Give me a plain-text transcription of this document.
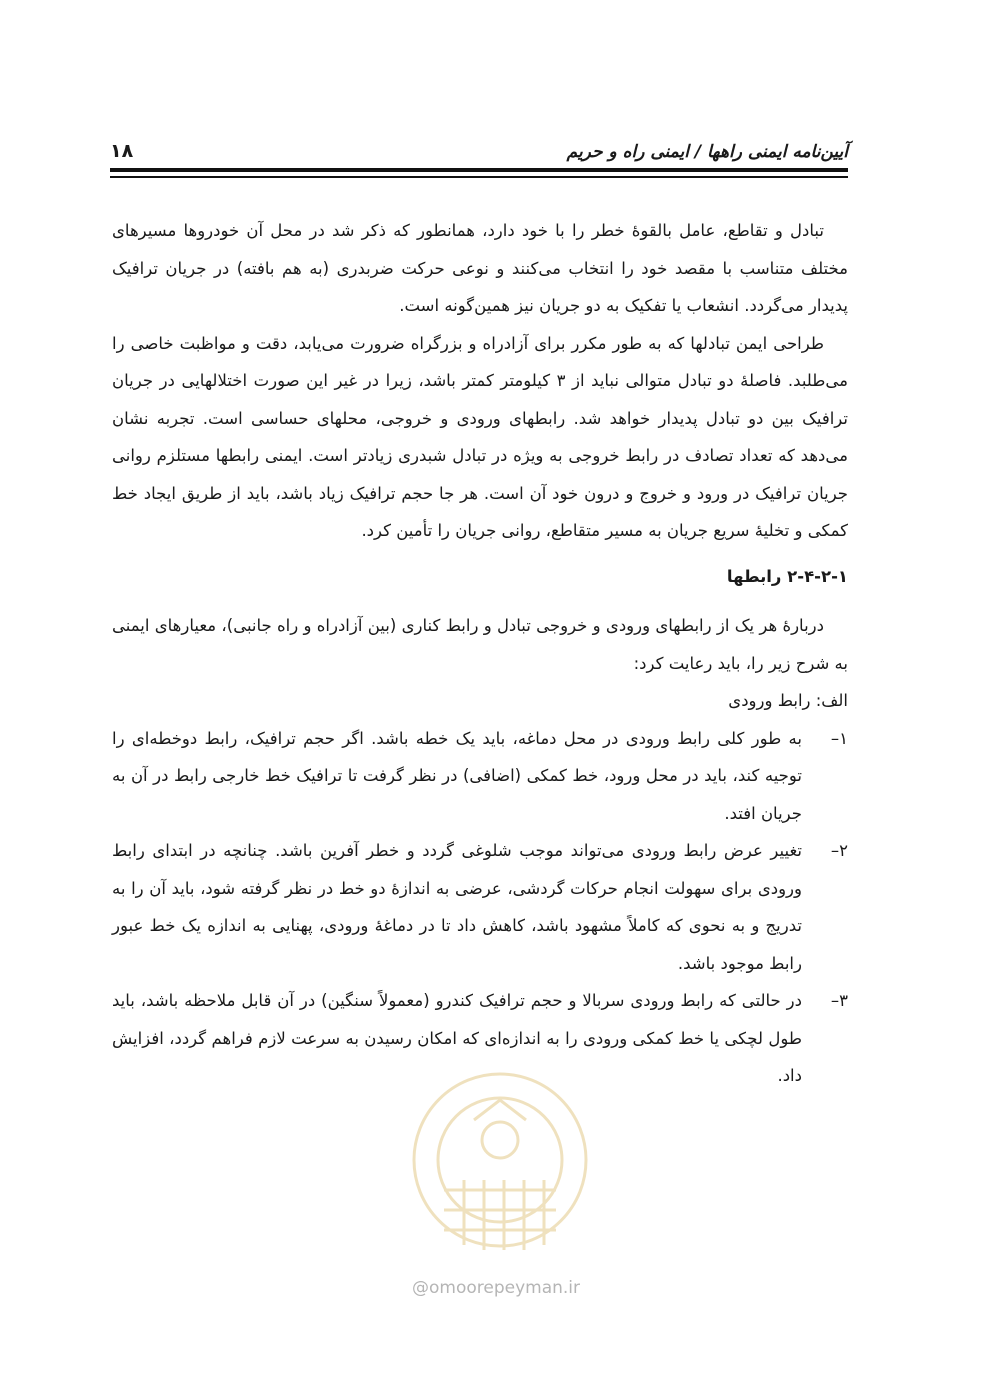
۱۸	آیین‌نامه ایمنی راهها / ایمنی راه و حریم

تبادل و تقاطع، عامل بالقوهٔ خطر را با خود دارد، همانطور که ذکر شد در محل آن خودروها مسیرهای مختلف متناسب با مقصد خود را انتخاب می‌کنند و نوعی حرکت ضربدری (به هم بافته) در جریان ترافیک پدیدار می‌گردد. انشعاب یا تفکیک به دو جریان نیز همین‌گونه است.

طراحی ایمن تبادلها که به طور مکرر برای آزادراه و بزرگراه ضرورت می‌یابد، دقت و مواظبت خاصی را می‌طلبد. فاصلهٔ دو تبادل متوالی نباید از ۳ کیلومتر کمتر باشد، زیرا در غیر این صورت اختلالهایی در جریان ترافیک بین دو تبادل پدیدار خواهد شد. رابطهای ورودی و خروجی، محلهای حساسی است. تجربه نشان می‌دهد که تعداد تصادف در رابط خروجی به ویژه در تبادل شبدری زیادتر است. ایمنی رابطها مستلزم روانی جریان ترافیک در ورود و خروج و درون خود آن است. هر جا حجم ترافیک زیاد باشد، باید از طریق ایجاد خط کمکی و تخلیهٔ سریع جریان به مسیر متقاطع، روانی جریان را تأمین کرد.

۲-۴-۲-۱ رابطها

دربارهٔ هر یک از رابطهای ورودی و خروجی تبادل و رابط کناری (بین آزادراه و راه جانبی)، معیارهای ایمنی به شرح زیر را، باید رعایت کرد:

الف: رابط ورودی

۱–
به طور کلی رابط ورودی در محل دماغه، باید یک خطه باشد. اگر حجم ترافیک، رابط دوخطه‌ای را توجیه کند، باید در محل ورود، خط کمکی (اضافی) در نظر گرفت تا ترافیک خط خارجی رابط در آن به جریان افتد.
۲–
تغییر عرض رابط ورودی می‌تواند موجب شلوغی گردد و خطر آفرین باشد. چنانچه در ابتدای رابط ورودی برای سهولت انجام حرکات گردشی، عرضی به اندازهٔ دو خط در نظر گرفته شود، باید آن را به تدریج و به نحوی که کاملاً مشهود باشد، کاهش داد تا در دماغهٔ ورودی، پهنایی به اندازه یک خط عبور رابط موجود باشد.
۳–
در حالتی که رابط ورودی سربالا و حجم ترافیک کندرو (معمولاً سنگین) در آن قابل ملاحظه باشد، باید طول لچکی یا خط کمکی ورودی را به اندازه‌ای که امکان رسیدن به سرعت لازم فراهم گردد، افزایش داد.
@omoorepeyman.ir
